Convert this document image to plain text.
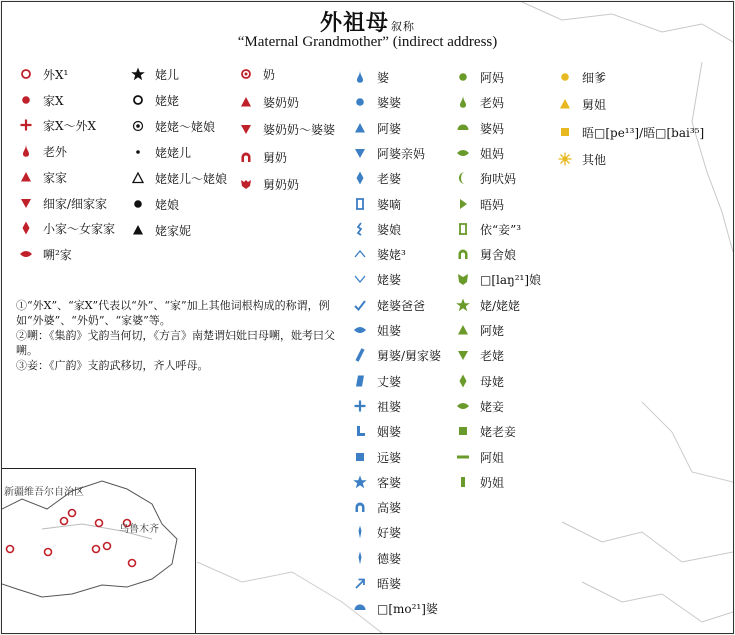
外祖母 叙称
“Maternal Grandmother” (indirect address)
外X¹
家X
家X～外X
老外
家家
细家/细家家
小家～女家家
嗍²家
姥儿
姥姥
姥姥～姥娘
姥姥儿
姥姥儿～姥娘
姥娘
姥家妮
奶
婆奶奶
婆奶奶～婆婆
舅奶
舅奶奶
婆
婆婆
阿婆
阿婆亲妈
老婆
婆嘀
婆娘
婆姥³
姥婆
姥婆爸爸
姐婆
舅婆/舅家婆
丈婆
祖婆
姻婆
远婆
客婆
高婆
好婆
德婆
晤婆
□[mo²¹]婆
阿妈
老妈
婆妈
姐妈
狗吠妈
晤妈
依“妾”³
舅舍娘
□[laŋ²¹]娘
姥/姥姥
阿姥
老姥
母姥
姥妾
姥老妾
阿姐
奶姐
细爹
舅姐
晤□[pe¹³]/晤□[bai³⁵]
其他

①“外X”、“家X”代表以“外”、“家”加上其他词根构成的称谓，例如“外婆”、“外奶”、“家婆”等。

②嗍：《集韵》戈韵当何切，《方言》南楚谓妇妣曰母嗍，妣考曰父嗍。

③妾：《广韵》支韵武移切，齐人呼母。

新疆维吾尔自治区
乌鲁木齐
